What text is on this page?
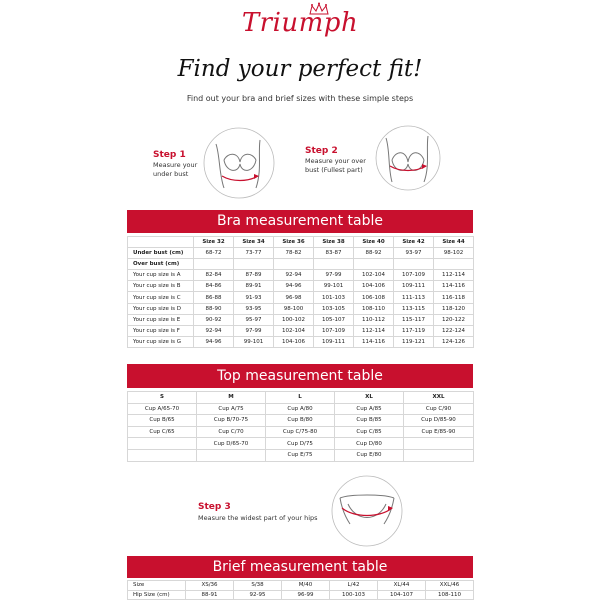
Triumph
Find your perfect fit!
Find out your bra and brief sizes with these simple steps
Step 1
Measure your
under bust
Step 2
Measure your over
bust (Fullest part)
Bra measurement table
	Size 32	Size 34	Size 36	Size 38	Size 40	Size 42	Size 44
Under bust (cm)	68-72	73-77	78-82	83-87	88-92	93-97	98-102
Over bust (cm)							
Your cup size is A	82-84	87-89	92-94	97-99	102-104	107-109	112-114
Your cup size is B	84-86	89-91	94-96	99-101	104-106	109-111	114-116
Your cup size is C	86-88	91-93	96-98	101-103	106-108	111-113	116-118
Your cup size is D	88-90	93-95	98-100	103-105	108-110	113-115	118-120
Your cup size is E	90-92	95-97	100-102	105-107	110-112	115-117	120-122
Your cup size is F	92-94	97-99	102-104	107-109	112-114	117-119	122-124
Your cup size is G	94-96	99-101	104-106	109-111	114-116	119-121	124-126
Top measurement table
S	M	L	XL	XXL
Cup A/65-70	Cup A/75	Cup A/80	Cup A/85	Cup C/90
Cup B/65	Cup B/70-75	Cup B/80	Cup B/85	Cup D/85-90
Cup C/65	Cup C/70	Cup C/75-80	Cup C/85	Cup E/85-90
	Cup D/65-70	Cup D/75	Cup D/80	
		Cup E/75	Cup E/80	
Step 3
Measure the widest part of your hips
Brief measurement table
Size	XS/36	S/38	M/40	L/42	XL/44	XXL/46
Hip Size (cm)	88-91	92-95	96-99	100-103	104-107	108-110
